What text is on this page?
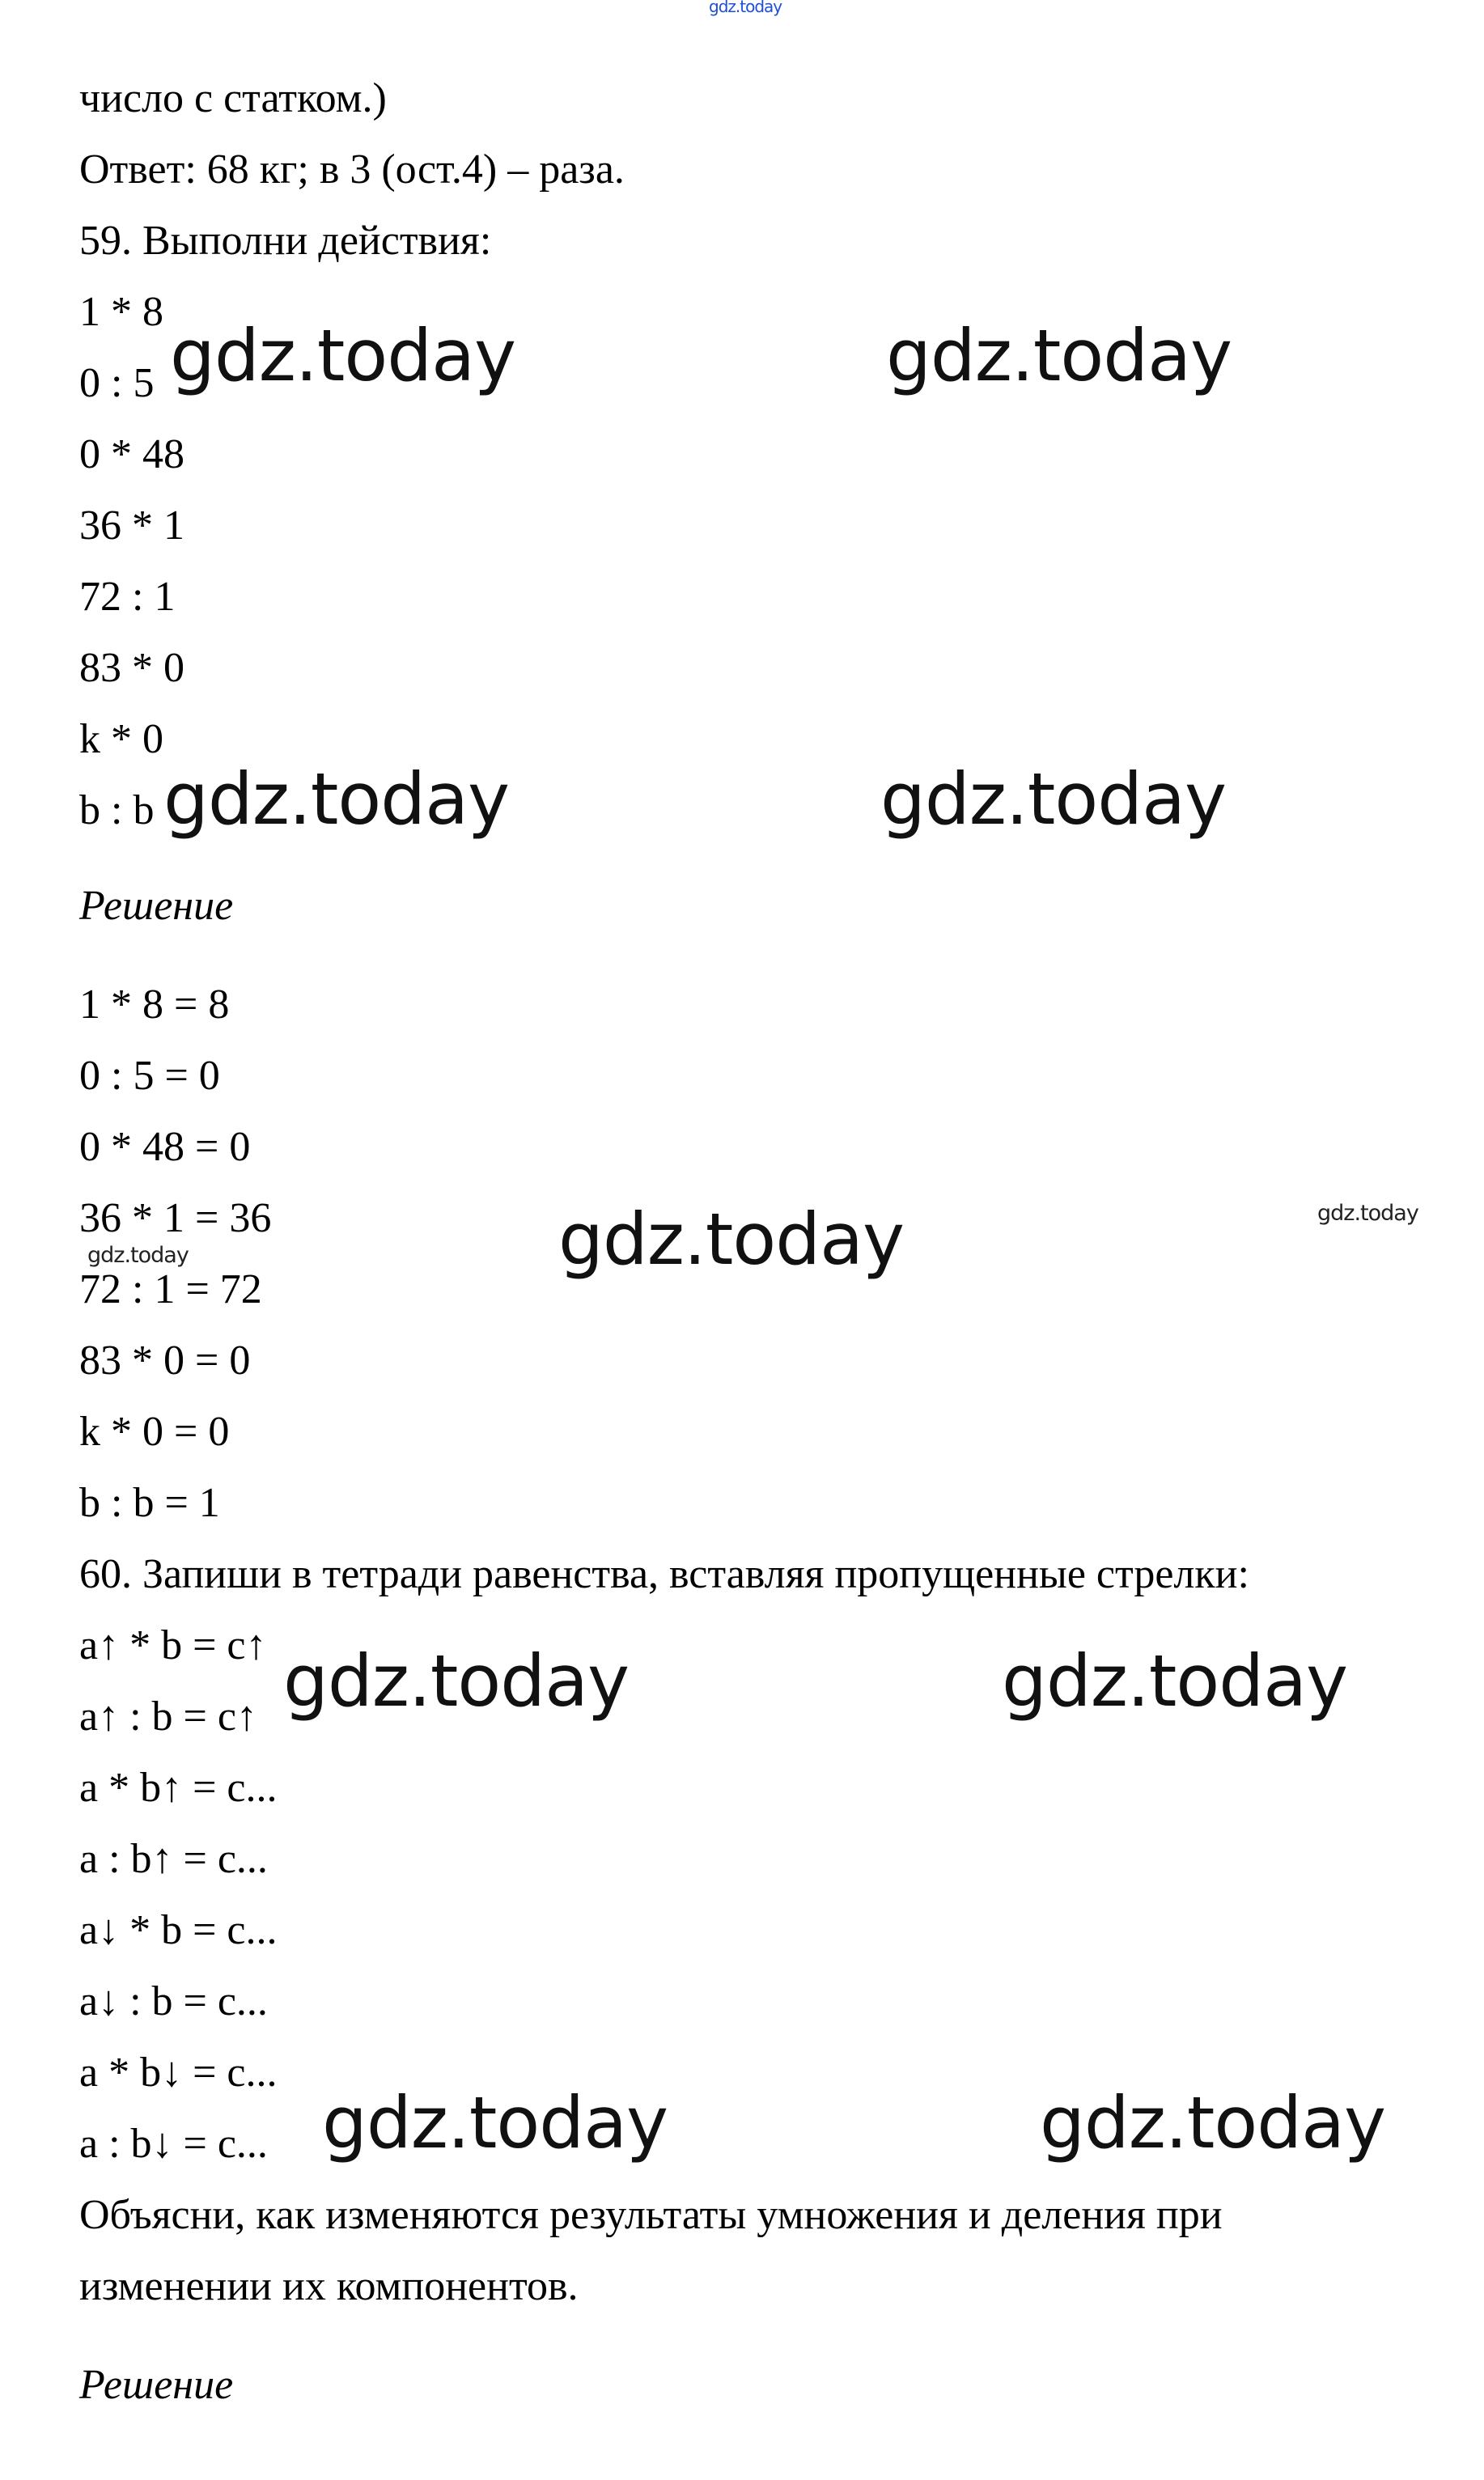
gdz.today
число с статком.)
Ответ: 68 кг; в 3 (ост.4) – раза.
59. Выполни действия:
1 * 8
0 : 5
0 * 48
36 * 1
72 : 1
83 * 0
k * 0
b : b
Решение
1 * 8 = 8
0 : 5 = 0
0 * 48 = 0
36 * 1 = 36
72 : 1 = 72
83 * 0 = 0
k * 0 = 0
b : b = 1
60. Запиши в тетради равенства, вставляя пропущенные стрелки:
a↑ * b = c↑
a↑ : b = c↑
a * b↑ = c...
a : b↑ = c...
a↓ * b = c...
a↓ : b = c...
a * b↓ = c...
a : b↓ = c...
Объясни, как изменяются результаты умножения и деления при
изменении их компонентов.
Решение
gdz.today	gdz.today
gdz.today	gdz.today
gdz.today
gdz.today	gdz.today
gdz.today	gdz.today
gdz.today
gdz.today
